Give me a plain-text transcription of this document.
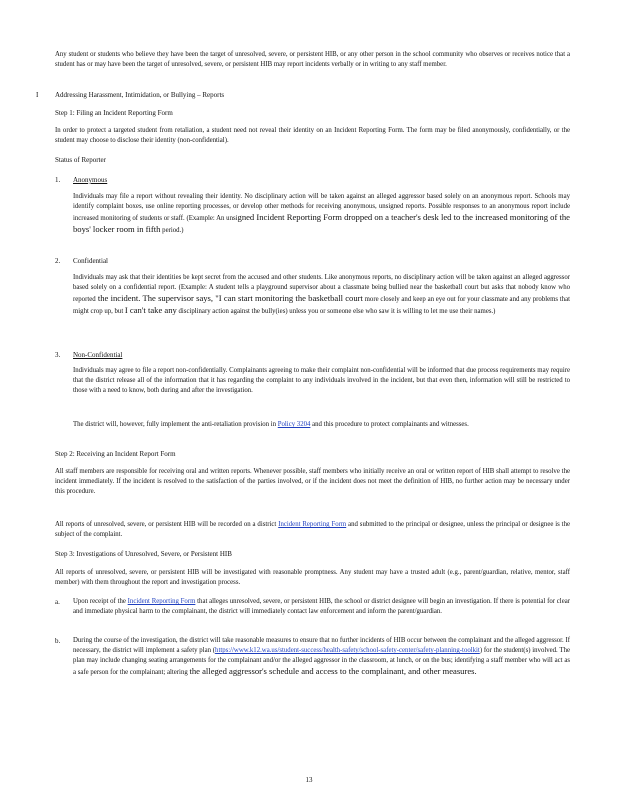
Any student or students who believe they have been the target of unresolved, severe, or persistent HIB, or any other person in the school community who observes or receives notice that a student has or may have been the target of unresolved, severe, or persistent HIB may report incidents verbally or in writing to any staff member.

I Addressing Harassment, Intimidation, or Bullying – Reports

Step 1: Filing an Incident Reporting Form

In order to protect a targeted student from retaliation, a student need not reveal their identity on an Incident Reporting Form. The form may be filed anonymously, confidentially, or the student may choose to disclose their identity (non-confidential).

Status of Reporter

1. Anonymous

Individuals may file a report without revealing their identity. No disciplinary action will be taken against an alleged aggressor based solely on an anonymous report. Schools may identify complaint boxes, use online reporting processes, or develop other methods for receiving anonymous, unsigned reports. Possible responses to an anonymous report include increased monitoring of students or staff. (Example: An unsigned Incident Reporting Form dropped on a teacher's desk led to the increased monitoring of the boys' locker room in fifth period.)

2. Confidential

Individuals may ask that their identities be kept secret from the accused and other students. Like anonymous reports, no disciplinary action will be taken against an alleged aggressor based solely on a confidential report. (Example: A student tells a playground supervisor about a classmate being bullied near the basketball court but asks that nobody know who reported the incident. The supervisor says, "I can start monitoring the basketball court more closely and keep an eye out for your classmate and any problems that might crop up, but I can't take any disciplinary action against the bully(ies) unless you or someone else who saw it is willing to let me use their names.)

3. Non-Confidential

Individuals may agree to file a report non-confidentially. Complainants agreeing to make their complaint non-confidential will be informed that due process requirements may require that the district release all of the information that it has regarding the complaint to any individuals involved in the incident, but that even then, information will still be restricted to those with a need to know, both during and after the investigation.

The district will, however, fully implement the anti-retaliation provision in Policy 3204 and this procedure to protect complainants and witnesses.

Step 2: Receiving an Incident Report Form

All staff members are responsible for receiving oral and written reports. Whenever possible, staff members who initially receive an oral or written report of HIB shall attempt to resolve the incident immediately. If the incident is resolved to the satisfaction of the parties involved, or if the incident does not meet the definition of HIB, no further action may be necessary under this procedure.

All reports of unresolved, severe, or persistent HIB will be recorded on a district Incident Reporting Form and submitted to the principal or designee, unless the principal or designee is the subject of the complaint.

Step 3: Investigations of Unresolved, Severe, or Persistent HIB

All reports of unresolved, severe, or persistent HIB will be investigated with reasonable promptness. Any student may have a trusted adult (e.g., parent/guardian, relative, mentor, staff member) with them throughout the report and investigation process.

a. Upon receipt of the Incident Reporting Form that alleges unresolved, severe, or persistent HIB, the school or district designee will begin an investigation. If there is potential for clear and immediate physical harm to the complainant, the district will immediately contact law enforcement and inform the parent/guardian.

b. During the course of the investigation, the district will take reasonable measures to ensure that no further incidents of HIB occur between the complainant and the alleged aggressor. If necessary, the district will implement a safety plan (https://www.k12.wa.us/student-success/health-safety/school-safety-center/safety-planning-toolkit) for the student(s) involved. The plan may include changing seating arrangements for the complainant and/or the alleged aggressor in the classroom, at lunch, or on the bus; identifying a staff member who will act as a safe person for the complainant; altering the alleged aggressor's schedule and access to the complainant, and other measures.

13
